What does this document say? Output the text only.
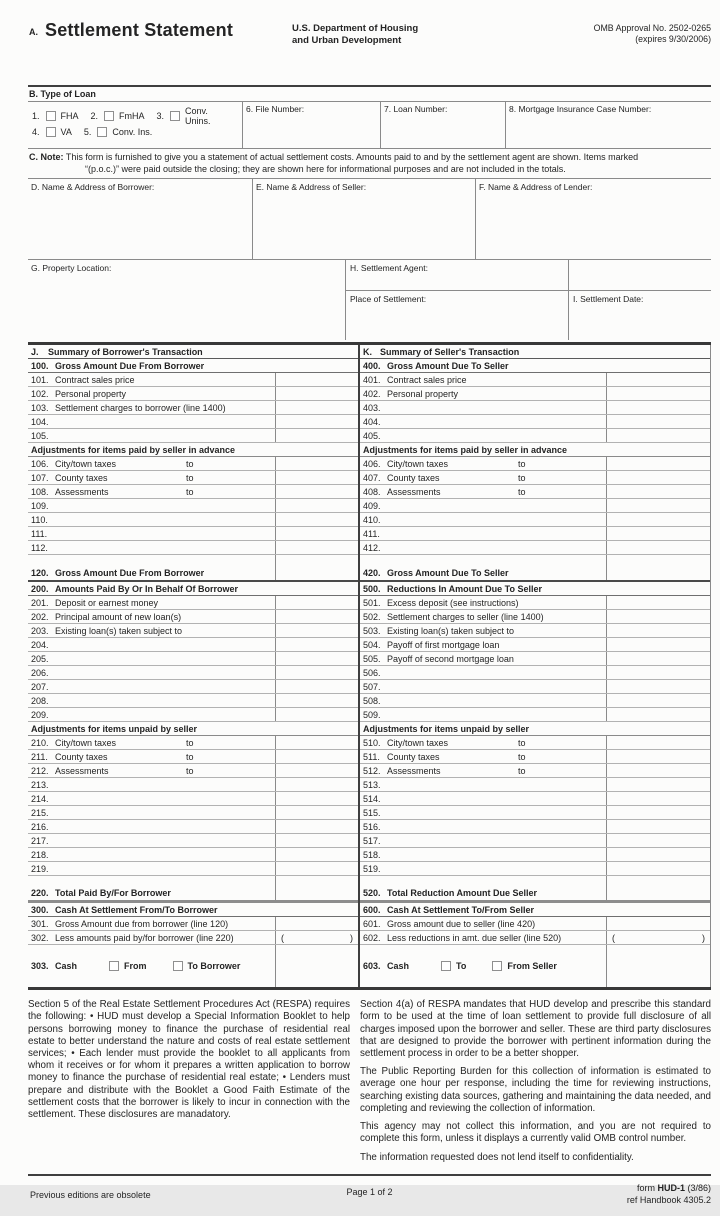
A. Settlement Statement	U.S. Department of Housing
and Urban Development
OMB Approval No. 2502-0265
(expires 9/30/2006)
B. Type of Loan
1. FHA 2. FmHA 3. Conv. Unins.
4. VA 5. Conv. Ins.
6. File Number:	7. Loan Number:	8. Mortgage Insurance Case Number:
C. Note: This form is furnished to give you a statement of actual settlement costs. Amounts paid to and by the settlement agent are shown. Items marked
“(p.o.c.)” were paid outside the closing; they are shown here for informational purposes and are not included in the totals.
D. Name & Address of Borrower:	E. Name & Address of Seller:	F. Name & Address of Lender:
G. Property Location:	H. Settlement Agent:
Place of Settlement:	I. Settlement Date:
J.	Summary of Borrower's Transaction
100. Gross Amount Due From Borrower
101. Contract sales price
102. Personal property
103. Settlement charges to borrower (line 1400)
104.
105.
Adjustments for items paid by seller in advance
106. City/town taxes	to
107. County taxes	to
108. Assessments	to
109.
110.
111.
112.
120. Gross Amount Due From Borrower
200. Amounts Paid By Or In Behalf Of Borrower
201. Deposit or earnest money
202. Principal amount of new loan(s)
203. Existing loan(s) taken subject to
204.
205.
206.
207.
208.
209.
Adjustments for items unpaid by seller
210. City/town taxes	to
211. County taxes	to
212. Assessments	to
213.
214.
215.
216.
217.
218.
219.
220. Total Paid By/For Borrower
300. Cash At Settlement From/To Borrower
301. Gross Amount due from borrower (line 120)
302. Less amounts paid by/for borrower (line 220)	(	)
303. Cash	From	To Borrower
K. Summary of Seller's Transaction
400. Gross Amount Due To Seller
401. Contract sales price
402. Personal property
403.
404.
405.
Adjustments for items paid by seller in advance
406. City/town taxes	to
407. County taxes	to
408. Assessments	to
409.
410.
411.
412.
420. Gross Amount Due To Seller
500. Reductions In Amount Due To Seller
501. Excess deposit (see instructions)
502. Settlement charges to seller (line 1400)
503. Existing loan(s) taken subject to
504. Payoff of first mortgage loan
505. Payoff of second mortgage loan
506.
507.
508.
509.
Adjustments for items unpaid by seller
510. City/town taxes	to
511. County taxes	to
512. Assessments	to
513.
514.
515.
516.
517.
518.
519.
520. Total Reduction Amount Due Seller
600. Cash At Settlement To/From Seller
601. Gross amount due to seller (line 420)
602. Less reductions in amt. due seller (line 520)	(	)
603. Cash	To	From Seller
Section 5 of the Real Estate Settlement Procedures Act (RESPA) requires the following: • HUD must develop a Special Information Booklet to help persons borrowing money to finance the purchase of residential real estate to better understand the nature and costs of real estate settlement services; • Each lender must provide the booklet to all applicants from whom it receives or for whom it prepares a written application to borrow money to finance the purchase of residential real estate; • Lenders must prepare and distribute with the Booklet a Good Faith Estimate of the settlement costs that the borrower is likely to incur in connection with the settlement. These disclosures are manadatory.

Section 4(a) of RESPA mandates that HUD develop and prescribe this standard form to be used at the time of loan settlement to provide full disclosure of all charges imposed upon the borrower and seller. These are third party disclosures that are designed to provide the borrower with pertinent information during the settlement process in order to be a better shopper.

The Public Reporting Burden for this collection of information is estimated to average one hour per response, including the time for reviewing instructions, searching existing data sources, gathering and maintaining the data needed, and completing and reviewing the collection of information.

This agency may not collect this information, and you are not required to complete this form, unless it displays a currently valid OMB control number.

The information requested does not lend itself to confidentiality.

Previous editions are obsolete	Page 1 of 2	form HUD-1 (3/86)
ref Handbook 4305.2
